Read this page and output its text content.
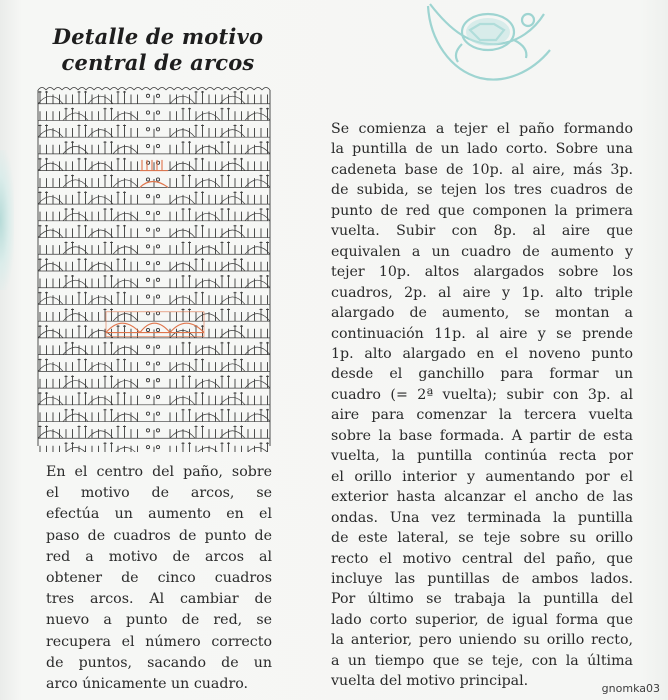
Detalle de motivo
central de arcos
En el centro del paño, sobre
el motivo de arcos, se
efectúa un aumento en el
paso de cuadros de punto de
red a motivo de arcos al
obtener de cinco cuadros
tres arcos. Al cambiar de
nuevo a punto de red, se
recupera el número correcto
de puntos, sacando de un
arco únicamente un cuadro.
Se comienza a tejer el paño formando
la puntilla de un lado corto. Sobre una
cadeneta base de 10p. al aire, más 3p.
de subida, se tejen los tres cuadros de
punto de red que componen la primera
vuelta. Subir con 8p. al aire que
equivalen a un cuadro de aumento y
tejer 10p. altos alargados sobre los
cuadros, 2p. al aire y 1p. alto triple
alargado de aumento, se montan a
continuación 11p. al aire y se prende
1p. alto alargado en el noveno punto
desde el ganchillo para formar un
cuadro (= 2ª vuelta); subir con 3p. al
aire para comenzar la tercera vuelta
sobre la base formada. A partir de esta
vuelta, la puntilla continúa recta por
el orillo interior y aumentando por el
exterior hasta alcanzar el ancho de las
ondas. Una vez terminada la puntilla
de este lateral, se teje sobre su orillo
recto el motivo central del paño, que
incluye las puntillas de ambos lados.
Por último se trabaja la puntilla del
lado corto superior, de igual forma que
la anterior, pero uniendo su orillo recto,
a un tiempo que se teje, con la última
vuelta del motivo principal.	gnomka03
